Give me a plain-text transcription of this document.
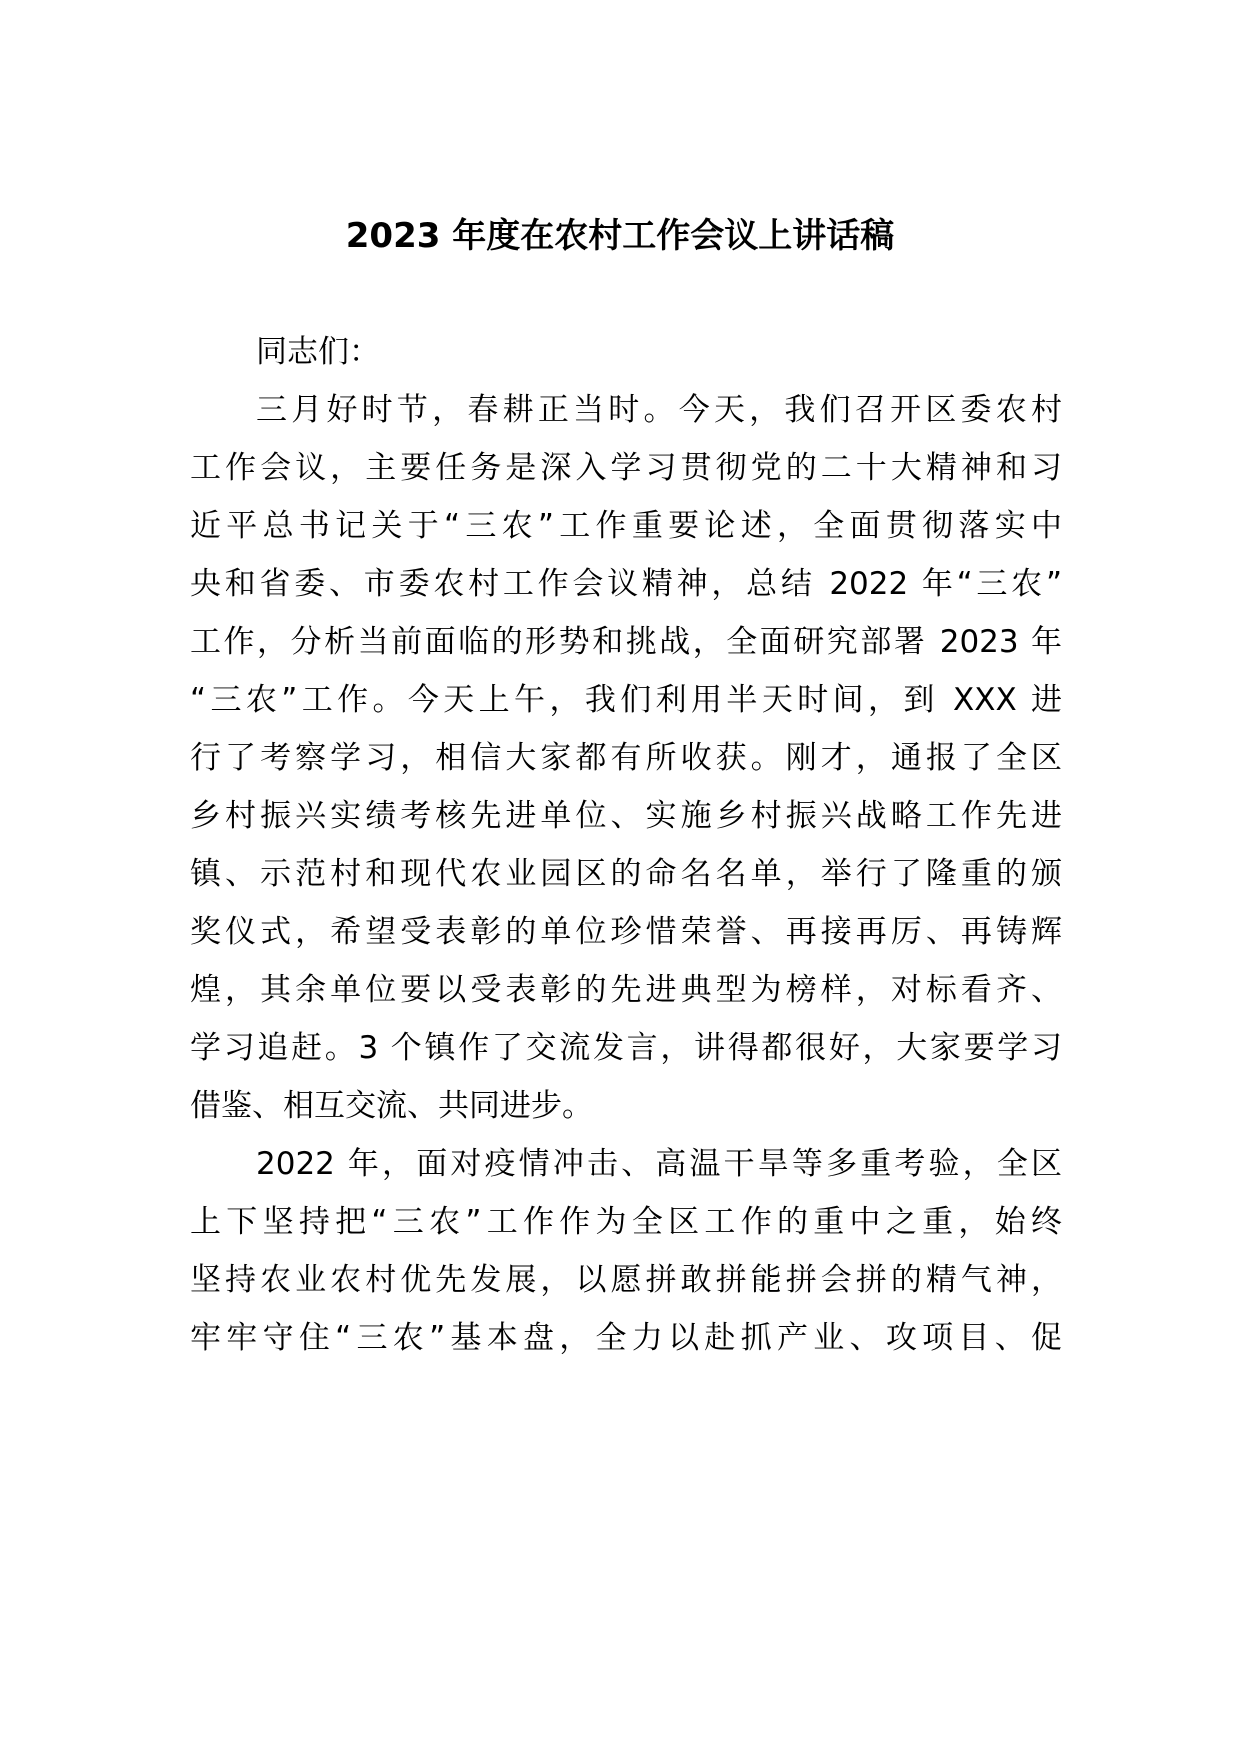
2023 年度在农村工作会议上讲话稿
同志们：
三月好时节，春耕正当时。今天，我们召开区委农村
工作会议，主要任务是深入学习贯彻党的二十大精神和习
近平总书记关于“三农”工作重要论述，全面贯彻落实中
央和省委、市委农村工作会议精神，总结 2022 年“三农”
工作，分析当前面临的形势和挑战，全面研究部署 2023 年
“三农”工作。今天上午，我们利用半天时间，到 XXX 进
行了考察学习，相信大家都有所收获。刚才，通报了全区
乡村振兴实绩考核先进单位、实施乡村振兴战略工作先进
镇、示范村和现代农业园区的命名名单，举行了隆重的颁
奖仪式，希望受表彰的单位珍惜荣誉、再接再厉、再铸辉
煌，其余单位要以受表彰的先进典型为榜样，对标看齐、
学习追赶。3 个镇作了交流发言，讲得都很好，大家要学习
借鉴、相互交流、共同进步。
2022 年，面对疫情冲击、高温干旱等多重考验，全区
上下坚持把“三农”工作作为全区工作的重中之重，始终
坚持农业农村优先发展，以愿拼敢拼能拼会拼的精气神，
牢牢守住“三农”基本盘，全力以赴抓产业、攻项目、促
